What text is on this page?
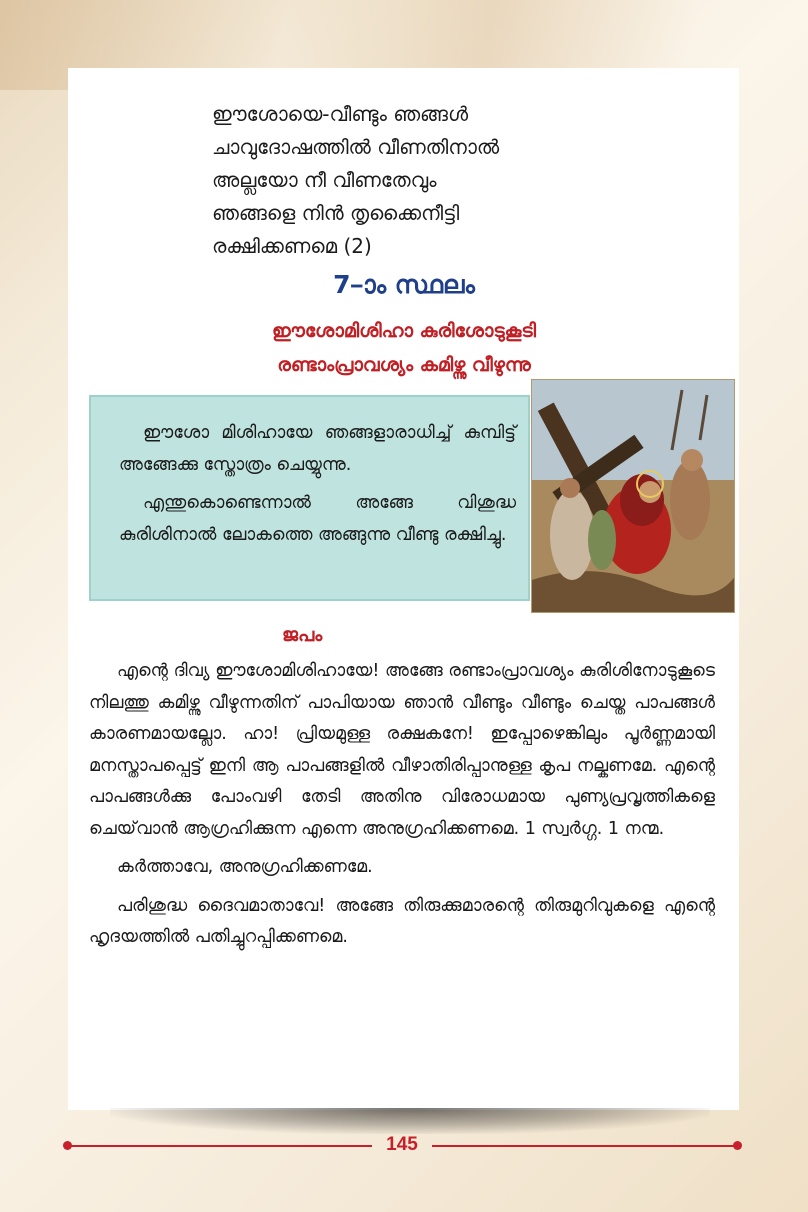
ഈശോയെ-വീണ്ടും ഞങ്ങൾ
ചാവുദോഷത്തിൽ വീണതിനാൽ
അല്ലയോ നീ വീണതേവും
ഞങ്ങളെ നിൻ തൃക്കൈനീട്ടി
രക്ഷിക്കണമെ (2)
7–ാം സ്ഥലം
ഈശോമിശിഹാ കുരിശോടുകൂടി
രണ്ടാംപ്രാവശ്യം കമിഴ്ന്നു വീഴുന്നു

ഈശോ മിശിഹായേ ഞങ്ങളാരാധിച്ച് കുമ്പിട്ട് അങ്ങേക്കു സ്തോത്രം ചെയ്യുന്നു.

എന്തുകൊണ്ടെന്നാൽ അങ്ങേ വിശുദ്ധ കുരിശിനാൽ ലോകത്തെ അങ്ങുന്നു വീണ്ടു രക്ഷിച്ചു.

ജപം

എന്റെ ദിവ്യ ഈശോമിശിഹായേ! അങ്ങേ രണ്ടാംപ്രാവശ്യം കുരിശിനോടുകൂടെ നിലത്തു കമിഴ്ന്നു വീഴുന്നതിന് പാപിയായ ഞാൻ വീണ്ടും വീണ്ടും ചെയ്ത പാപങ്ങൾ കാരണമായല്ലോ. ഹാ! പ്രിയമുള്ള രക്ഷകനേ! ഇപ്പോഴെങ്കിലും പൂർണ്ണമായി മനസ്താപപ്പെട്ട് ഇനി ആ പാപങ്ങളിൽ വീഴാതിരിപ്പാനുള്ള കൃപ നല്കണമേ. എന്റെ പാപങ്ങൾക്കു പോംവഴി തേടി അതിനു വിരോധമായ പുണ്യപ്രവൃത്തികളെ ചെയ്‌വാൻ ആഗ്രഹിക്കുന്ന എന്നെ അനുഗ്രഹിക്കണമെ. 1 സ്വർഗ്ഗ. 1 നന്മ.

കർത്താവേ, അനുഗ്രഹിക്കണമേ.

പരിശുദ്ധ ദൈവമാതാവേ! അങ്ങേ തിരുക്കുമാരന്റെ തിരുമുറിവുകളെ എന്റെ ഹൃദയത്തിൽ പതിച്ചുറപ്പിക്കണമെ.

145
